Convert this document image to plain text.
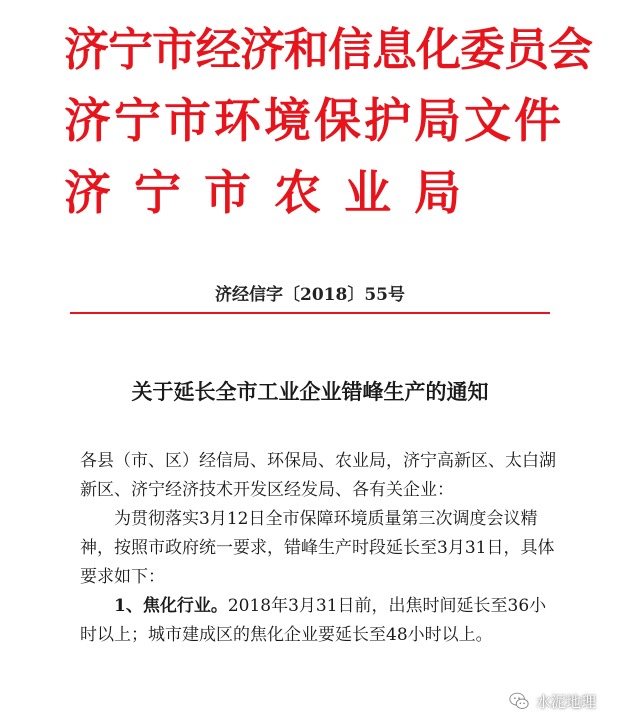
济宁市经济和信息化委员会
济宁市环境保护局文件
济宁市农业局
济经信字〔2018〕55号
关于延长全市工业企业错峰生产的通知

各县（市、区）经信局、环保局、农业局，济宁高新区、太白湖新区、济宁经济技术开发区经发局、各有关企业：

为贯彻落实3月12日全市保障环境质量第三次调度会议精神，按照市政府统一要求，错峰生产时段延长至3月31日，具体要求如下：

1、焦化行业。2018年3月31日前，出焦时间延长至36小时以上；城市建成区的焦化企业要延长至48小时以上。

水泥地理
